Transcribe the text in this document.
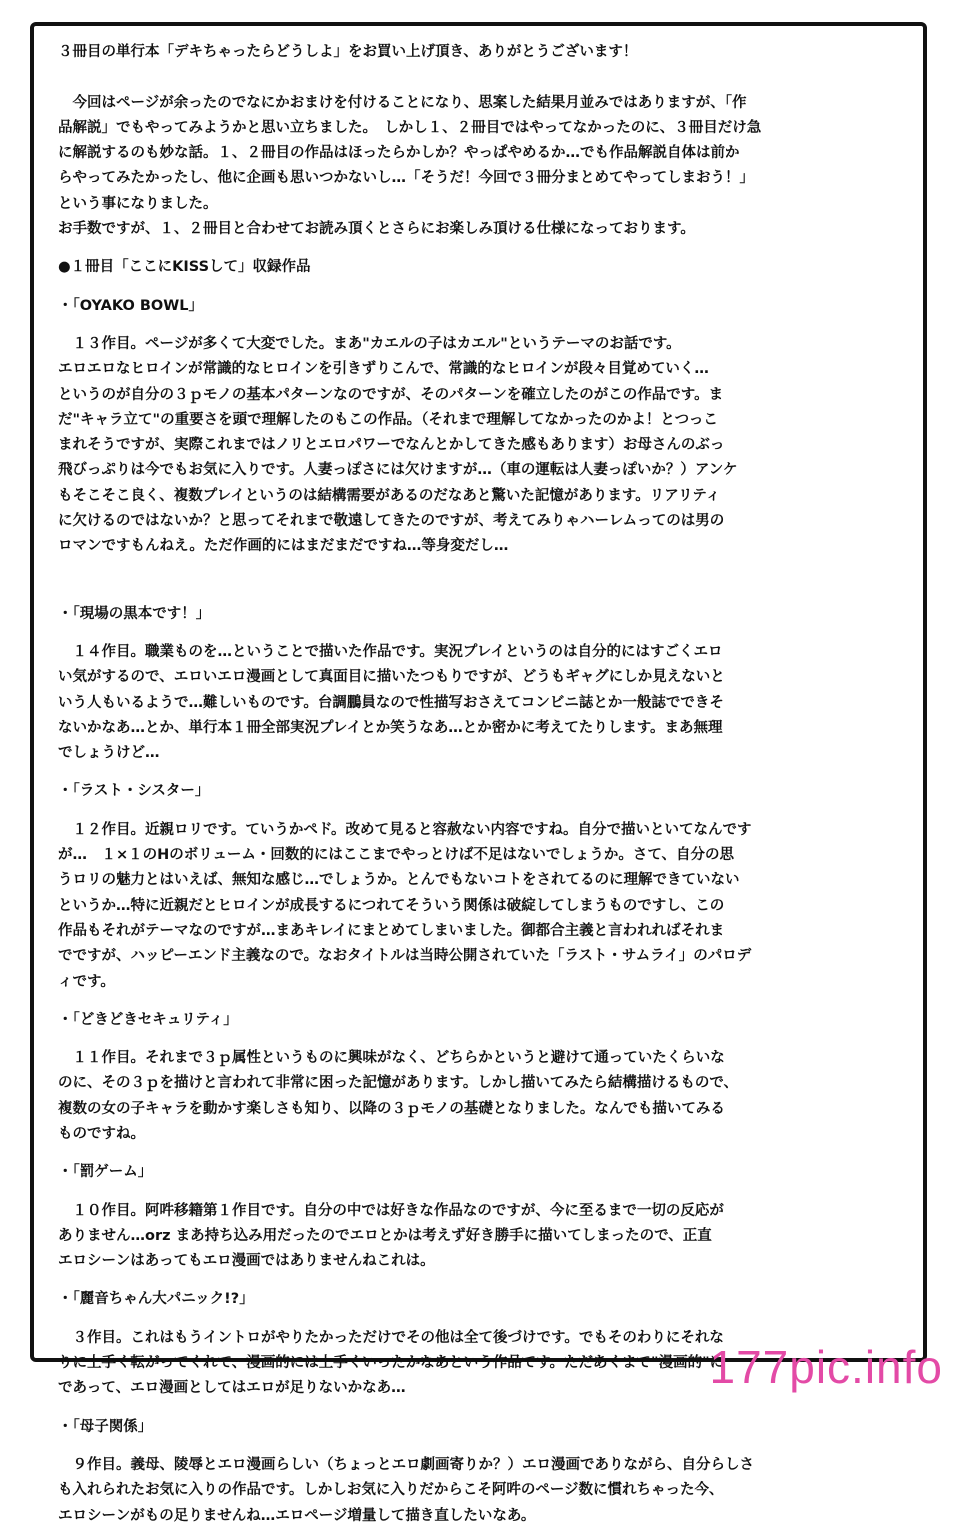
３冊目の単行本「デキちゃったらどうしよ」をお買い上げ頂き、ありがとうございます！
　今回はページが余ったのでなにかおまけを付けることになり、思案した結果月並みではありますが、「作
品解説」でもやってみようかと思い立ちました。　しかし１、２冊目ではやってなかったのに、３冊目だけ急
に解説するのも妙な話。１、２冊目の作品はほったらかしか？やっぱやめるか…でも作品解説自体は前か
らやってみたかったし、他に企画も思いつかないし…「そうだ！今回で３冊分まとめてやってしまおう！」
という事になりました。
お手数ですが、１、２冊目と合わせてお読み頂くとさらにお楽しみ頂ける仕様になっております。
●１冊目「ここにKISSして」収録作品
・「OYAKO BOWL」
　１３作目。ページが多くて大変でした。まあ"カエルの子はカエル"というテーマのお話です。
エロエロなヒロインが常識的なヒロインを引きずりこんで、常識的なヒロインが段々目覚めていく…
というのが自分の３ｐモノの基本パターンなのですが、そのパターンを確立したのがこの作品です。ま
だ"キャラ立て"の重要さを頭で理解したのもこの作品。（それまで理解してなかったのかよ！とつっこ
まれそうですが、実際これまではノリとエロパワーでなんとかしてきた感もあります）お母さんのぶっ
飛びっぷりは今でもお気に入りです。人妻っぽさには欠けますが…（車の運転は人妻っぽいか？）アンケ
もそこそこ良く、複数プレイというのは結構需要があるのだなあと驚いた記憶があります。リアリティ
に欠けるのではないか？と思ってそれまで敬遠してきたのですが、考えてみりゃハーレムってのは男の
ロマンですもんねえ。ただ作画的にはまだまだですね…等身変だし…
・「現場の黒本です！」
　１４作目。職業ものを…ということで描いた作品です。実況プレイというのは自分的にはすごくエロ
い気がするので、エロいエロ漫画として真面目に描いたつもりですが、どうもギャグにしか見えないと
いう人もいるようで…難しいものです。台調鵬員なので性描写おさえてコンビニ誌とか一般誌でできそ
ないかなあ…とか、単行本１冊全部実況プレイとか笑うなあ…とか密かに考えてたりします。まあ無理
でしょうけど…
・「ラスト・シスター」
　１２作目。近親ロリです。ていうかペド。改めて見ると容赦ない内容ですね。自分で描いといてなんです
が…　１×１のHのボリューム・回数的にはここまでやっとけば不足はないでしょうか。さて、自分の思
うロリの魅力とはいえば、無知な感じ…でしょうか。とんでもないコトをされてるのに理解できていない
というか…特に近親だとヒロインが成長するにつれてそういう関係は破綻してしまうものですし、この
作品もそれがテーマなのですが…まあキレイにまとめてしまいました。御都合主義と言われればそれま
でですが、ハッピーエンド主義なので。なおタイトルは当時公開されていた「ラスト・サムライ」のパロデ
ィです。
・「どきどきセキュリティ」
　１１作目。それまで３ｐ属性というものに興味がなく、どちらかというと避けて通っていたくらいな
のに、その３ｐを描けと言われて非常に困った記憶があります。しかし描いてみたら結構描けるもので、
複数の女の子キャラを動かす楽しさも知り、以降の３ｐモノの基礎となりました。なんでも描いてみる
ものですね。
・「罰ゲーム」
　１０作目。阿吽移籍第１作目です。自分の中では好きな作品なのですが、今に至るまで一切の反応が
ありません…orz まあ持ち込み用だったのでエロとかは考えず好き勝手に描いてしまったので、正直
エロシーンはあってもエロ漫画ではありませんねこれは。
・「麗音ちゃん大パニック!?」
　３作目。これはもうイントロがやりたかっただけでその他は全て後づけです。でもそのわりにそれな
りに上手く転がってくれて、漫画的には上手くいったかなあという作品です。ただあくまで"漫画的"に
であって、エロ漫画としてはエロが足りないかなあ…
・「母子関係」
　９作目。義母、陵辱とエロ漫画らしい（ちょっとエロ劇画寄りか？）エロ漫画でありながら、自分らしさ
も入れられたお気に入りの作品です。しかしお気に入りだからこそ阿吽のページ数に慣れちゃった今、
エロシーンがもの足りませんね…エロページ増量して描き直したいなあ。
177pic.info
